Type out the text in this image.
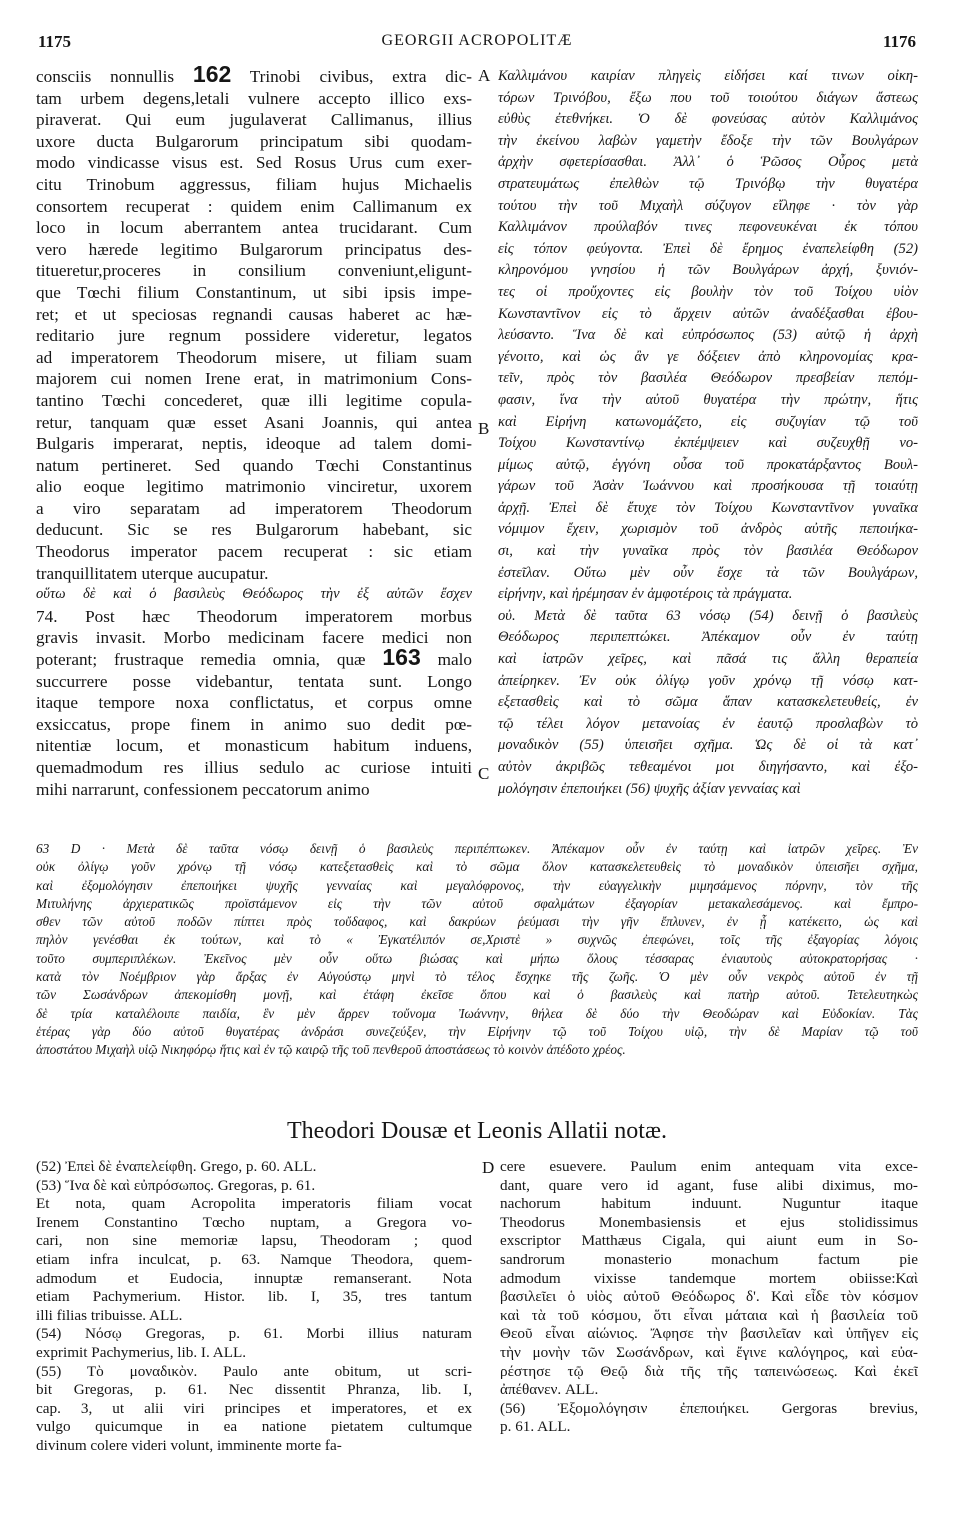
1175	GEORGII ACROPOLITÆ	1176
consciis nonnullis 162 Trinobi civibus, extra dic-
tam urbem degens,letali vulnere accepto illico exs-
piraverat. Qui eum jugulaverat Callimanus, illius
uxore ducta Bulgarorum principatum sibi quodam-
modo vindicasse visus est. Sed Rosus Urus cum exer-
citu Trinobum aggressus, filiam hujus Michaelis
consortem recuperat : quidem enim Callimanum ex
loco in locum aberrantem antea trucidarant. Cum
vero hærede legitimo Bulgarorum principatus des-
titueretur,proceres in consilium conveniunt,eligunt-
que Tœchi filium Constantinum, ut sibi ipsis impe-
ret; et ut speciosas regnandi causas haberet ac hæ-
reditario jure regnum possidere videretur, legatos
ad imperatorem Theodorum misere, ut filiam suam
majorem cui nomen Irene erat, in matrimonium Cons-
tantino Tœchi concederet, quæ illi legitime copula-
retur, tanquam quæ esset Asani Joannis, qui antea
Bulgaris imperarat, neptis, ideoque ad talem domi-
natum pertineret. Sed quando Tœchi Constantinus
alio eoque legitimo matrimonio vinciretur, uxorem
a viro separatam ad imperatorem Theodorum
deducunt. Sic se res Bulgarorum habebant, sic
Theodorus imperator pacem recuperat : sic etiam
tranquillitatem uterque aucupatur.
οὕτω δὲ καὶ ὁ βασιλεὺς Θεόδωρος τὴν ἐξ αὐτῶν ἔσχεν
74. Post hæc Theodorum imperatorem morbus
gravis invasit. Morbo medicinam facere medici non
poterant; frustraque remedia omnia, quæ 163 malo
succurrere posse videbantur, tentata sunt. Longo
itaque tempore noxa conflictatus, et corpus omne
exsiccatus, prope finem in animo suo dedit pœ-
nitentiæ locum, et monasticum habitum induens,
quemadmodum res illius sedulo ac curiose intuiti
mihi narrarunt, confessionem peccatorum animo
Καλλιμάνου καιρίαν πληγεὶς εἰδήσει καί τινων οἰκη-
τόρων Τρινόβου, ἔξω που τοῦ τοιούτου διάγων ἄστεως
εὐθὺς ἐτεθνήκει. Ὁ δὲ φονεύσας αὐτὸν Καλλιμάνος
τὴν ἐκείνου λαβὼν γαμετὴν ἔδοξε τὴν τῶν Βουλγάρων
ἀρχὴν σφετερίσασθαι. Ἀλλ᾽ ὁ Ῥῶσος Οὖρος μετὰ
στρατευμάτως ἐπελθὼν τῷ Τρινόβῳ τὴν θυγατέρα
τούτου τὴν τοῦ Μιχαὴλ σύζυγον εἴληφε · τὸν γὰρ
Καλλιμάνον προύλαβόν τινες πεφονευκέναι ἐκ τόπου
εἰς τόπον φεύγοντα. Ἐπεὶ δὲ ἔρημος ἐναπελείφθη (52)
κληρονόμου γνησίου ἡ τῶν Βουλγάρων ἀρχή, ξυνιόν-
τες οἱ προὔχοντες εἰς βουλὴν τὸν τοῦ Τοίχου υἱὸν
Κωνσταντῖνον εἰς τὸ ἄρχειν αὐτῶν ἀναδέξασθαι ἐβου-
λεύσαντο. Ἵνα δὲ καὶ εὐπρόσωπος (53) αὐτῷ ἡ ἀρχὴ
γένοιτο, καὶ ὡς ἂν γε δόξειεν ἀπὸ κληρονομίας κρα-
τεῖν, πρὸς τὸν βασιλέα Θεόδωρον πρεσβείαν πεπόμ-
φασιν, ἵνα τὴν αὐτοῦ θυγατέρα τὴν πρώτην, ἥτις
καὶ Εἰρήνη κατωνομάζετο, εἰς συζυγίαν τῷ τοῦ
Τοίχου Κωνσταντίνῳ ἐκπέμψειεν καὶ συζευχθῇ νο-
μίμως αὐτῷ, ἐγγόνη οὖσα τοῦ προκατάρξαντος Βουλ-
γάρων τοῦ Ἀσὰν Ἰωάννου καὶ προσήκουσα τῇ τοιαύτῃ
ἀρχῇ. Ἐπεὶ δὲ ἔτυχε τὸν Τοίχου Κωνσταντῖνον γυναῖκα
νόμιμον ἔχειν, χωρισμὸν τοῦ ἀνδρὸς αὐτῆς πεποιήκα-
σι, καὶ τὴν γυναῖκα πρὸς τὸν βασιλέα Θεόδωρον
ἐστεῖλαν. Οὕτω μὲν οὖν ἔσχε τὰ τῶν Βουλγάρων,
εἰρήνην, καὶ ἠρέμησαν ἐν ἀμφοτέροις τὰ πράγματα.
οὐ. Μετὰ δὲ ταῦτα 63 νόσῳ (54) δεινῇ ὁ βασιλεὺς
Θεόδωρος περιπεπτώκει. Ἀπέκαμον οὖν ἐν ταύτῃ
καὶ ἰατρῶν χεῖρες, καὶ πᾶσά τις ἄλλη θεραπεία
ἀπείρηκεν. Ἐν οὐκ ὀλίγῳ γοῦν χρόνῳ τῇ νόσῳ κατ-
εξετασθεὶς καὶ τὸ σῶμα ἅπαν κατασκελετευθείς, ἐν
τῷ τέλει λόγον μετανοίας ἐν ἑαυτῷ προσλαβὼν τὸ
μοναδικὸν (55) ὑπεισῆει σχῆμα. Ὡς δὲ οἱ τὰ κατ᾽
αὐτὸν ἀκριβῶς τεθεαμένοι μοι διηγήσαντο, καὶ ἐξο-
μολόγησιν ἐπεποιήκει (56) ψυχῆς ἀξίαν γενναίας καὶ
A
B
C
D
63 D · Μετὰ δὲ ταῦτα νόσῳ δεινῇ ὁ βασιλεὺς περιπέπτωκεν. Ἀπέκαμον οὖν ἐν ταύτῃ καὶ ἰατρῶν χεῖρες. Ἐν
οὐκ ὀλίγῳ γοῦν χρόνῳ τῇ νόσῳ κατεξετασθεὶς καὶ τὸ σῶμα ὅλον κατασκελετευθεὶς τὸ μοναδικὸν ὑπεισῆει σχῆμα,
καὶ ἐξομολόγησιν ἐπεποιήκει ψυχῆς γενναίας καὶ μεγαλόφρονος, τὴν εὐαγγελικὴν μιμησάμενος πόρνην, τὸν τῆς
Μιτυλήνης ἀρχιερατικῶς προϊστάμενον εἰς τὴν τῶν αὐτοῦ σφαλμάτων ἐξαγορίαν μετακαλεσάμενος. καὶ ἔμπρο-
σθεν τῶν αὐτοῦ ποδῶν πίπτει πρὸς τοὔδαφος, καὶ δακρύων ῥεύμασι τὴν γῆν ἔπλυνεν, ἐν ᾗ κατέκειτο, ὡς καὶ
πηλὸν γενέσθαι ἐκ τούτων, καὶ τὸ « Ἐγκατέλιπόν σε,Χριστὲ » συχνῶς ἐπεφώνει, τοῖς τῆς ἐξαγορίας λόγοις
τοῦτο συμπεριπλέκων. Ἐκεῖνος μὲν οὖν οὕτω βιώσας καὶ μήπω ὅλους τέσσαρας ἐνιαυτοὺς αὐτοκρατορήσας ·
κατὰ τὸν Νοέμβριον γὰρ ἄρξας ἐν Αὐγούστῳ μηνὶ τὸ τέλος ἔσχηκε τῆς ζωῆς. Ὁ μὲν οὖν νεκρὸς αὐτοῦ ἐν τῇ
τῶν Σωσάνδρων ἀπεκομίσθη μονῇ, καὶ ἐτάφη ἐκεῖσε ὅπου καὶ ὁ βασιλεὺς καὶ πατὴρ αὐτοῦ. Τετελευτηκὼς
δὲ τρία καταλέλοιπε παιδία, ἓν μὲν ἄρρεν τοὔνομα Ἰωάννην, θήλεα δὲ δύο τὴν Θεοδώραν καὶ Εὐδοκίαν. Τὰς
ἑτέρας γὰρ δύο αὐτοῦ θυγατέρας ἀνδράσι συνεζεύξεν, τὴν Εἰρήνην τῷ τοῦ Τοίχου υἱῷ, τὴν δὲ Μαρίαν τῷ τοῦ
ἀποστάτου Μιχαὴλ υἱῷ Νικηφόρῳ ἥτις καὶ ἐν τῷ καιρῷ τῆς τοῦ πενθεροῦ ἀποστάσεως τὸ κοινὸν ἀπέδοτο χρέος.
Theodori Dousæ et Leonis Allatii notæ.
(52) Ἐπεὶ δὲ ἐναπελείφθη. Grego, p. 60. ALL.
(53) Ἵνα δὲ καὶ εὐπρόσωπος. Gregoras, p. 61.
Et nota, quam Acropolita imperatoris filiam vocat
Irenem Constantino Tœcho nuptam, a Gregora vo-
cari, non sine memoriæ lapsu, Theodoram ; quod
etiam infra inculcat, p. 63. Namque Theodora, quem-
admodum et Eudocia, innuptæ remanserant. Nota
etiam Pachymerium. Histor. lib. I, 35, tres tantum
illi filias tribuisse. ALL.
(54) Νόσῳ Gregoras, p. 61. Morbi illius naturam
exprimit Pachymerius, lib. I. ALL.
(55) Τὸ μοναδικὸν. Paulo ante obitum, ut scri-
bit Gregoras, p. 61. Nec dissentit Phranza, lib. I,
cap. 3, ut alii viri principes et imperatores, et ex
vulgo quicumque in ea natione pietatem cultumque
divinum colere videri volunt, imminente morte fa-
cere esuevere. Paulum enim antequam vita exce-
dant, quare vero id agant, fuse alibi diximus, mo-
nachorum habitum induunt. Nuguntur itaque
Theodorus Monembasiensis et ejus stolidissimus
exscriptor Matthæus Cigala, qui aiunt eum in So-
sandrorum monasterio monachum factum pie
admodum vixisse tandemque mortem obiisse:Καὶ
βασιλεῖει ὁ υἱὸς αὐτοῦ Θεόδωρος δ'. Καὶ εἶδε τὸν κόσμον
καὶ τὰ τοῦ κόσμου, ὅτι εἶναι μάταια καὶ ἡ βασιλεία τοῦ
Θεοῦ εἶναι αἰώνιος. Ἄφησε τὴν βασιλεῖαν καὶ ὑπῆγεν εἰς
τὴν μονὴν τῶν Σωσάνδρων, καὶ ἔγινε καλόγηρος, καὶ εὐα-
ρέστησε τῷ Θεῷ διὰ τῆς τῆς ταπεινώσεως. Καὶ ἐκεῖ
ἀπέθανεν. ALL.
(56) Ἐξομολόγησιν ἐπεποιήκει. Gergoras brevius,
p. 61. ALL.
